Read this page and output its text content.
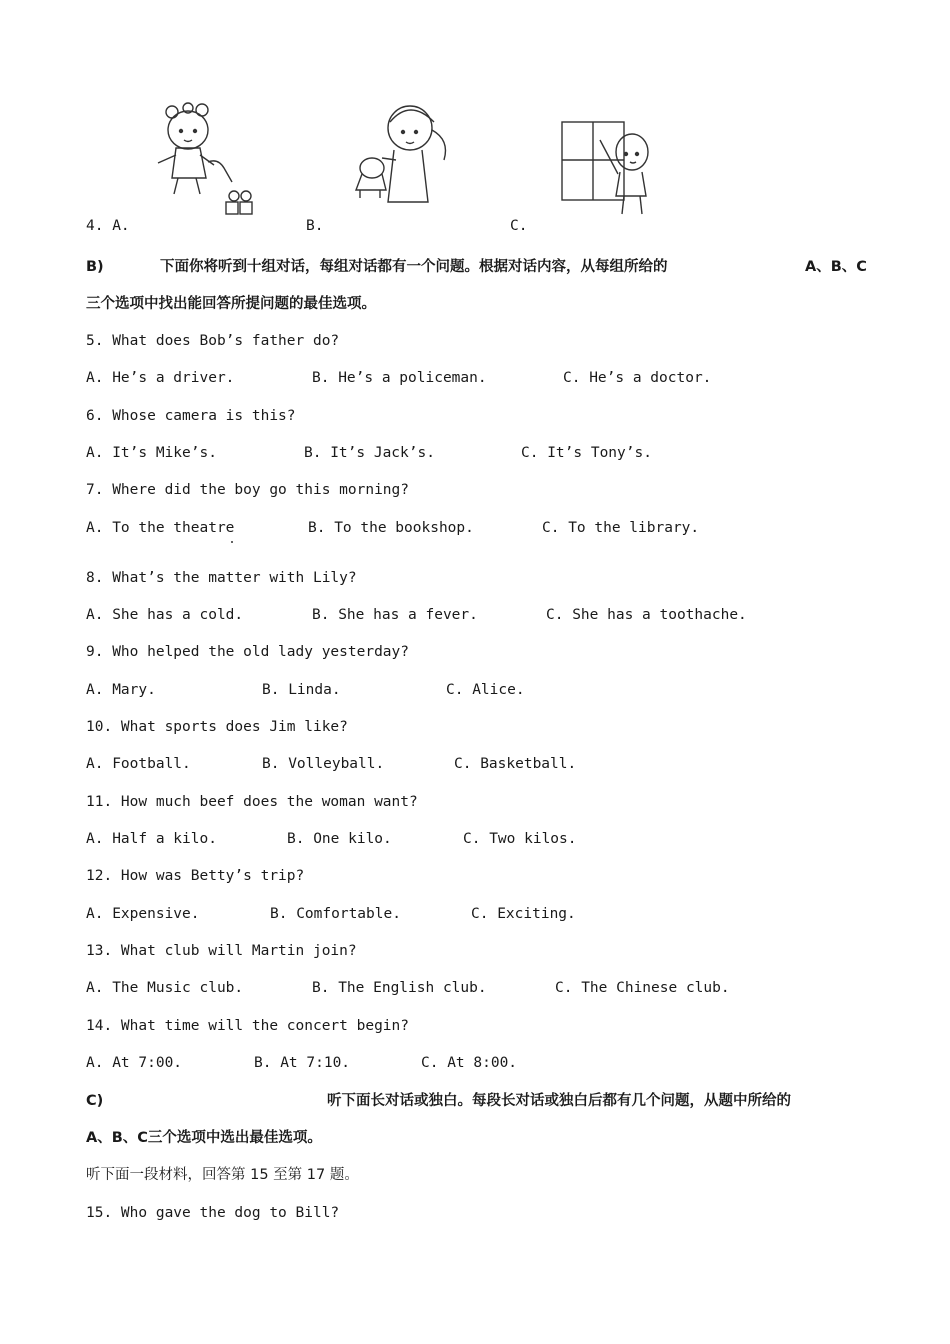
4. A.	B.	C.
B)	下面你将听到十组对话，每组对话都有一个问题。根据对话内容，从每组所给的	A、B、C
三个选项中找出能回答所提问题的最佳选项。
5. What does Bob’s father do?
A. He’s a driver.	B. He’s a policeman.	C. He’s a doctor.
6. Whose camera is this?
A. It’s Mike’s.	B. It’s Jack’s.	C. It’s Tony’s.
7. Where did the boy go this morning?
A. To the theatre	B. To the bookshop.	C. To the library.
8. What’s the matter with Lily?
A. She has a cold.	B. She has a fever.	C. She has a toothache.
9. Who helped the old lady yesterday?
A. Mary.	B. Linda.	C. Alice.
10. What sports does Jim like?
A. Football.	B. Volleyball.	C. Basketball.
11. How much beef does the woman want?
A. Half a kilo.	B. One kilo.	C. Two kilos.
12. How was Betty’s trip?
A. Expensive.	B. Comfortable.	C. Exciting.
13. What club will Martin join?
A. The Music club.	B. The English club.	C. The Chinese club.
14. What time will the concert begin?
A. At 7:00.	B. At 7:10.	C. At 8:00.
C)	听下面长对话或独白。每段长对话或独白后都有几个问题，从题中所给的
A、B、C三个选项中选出最佳选项。
听下面一段材料，回答第 15 至第 17 题。
15. Who gave the dog to Bill?
